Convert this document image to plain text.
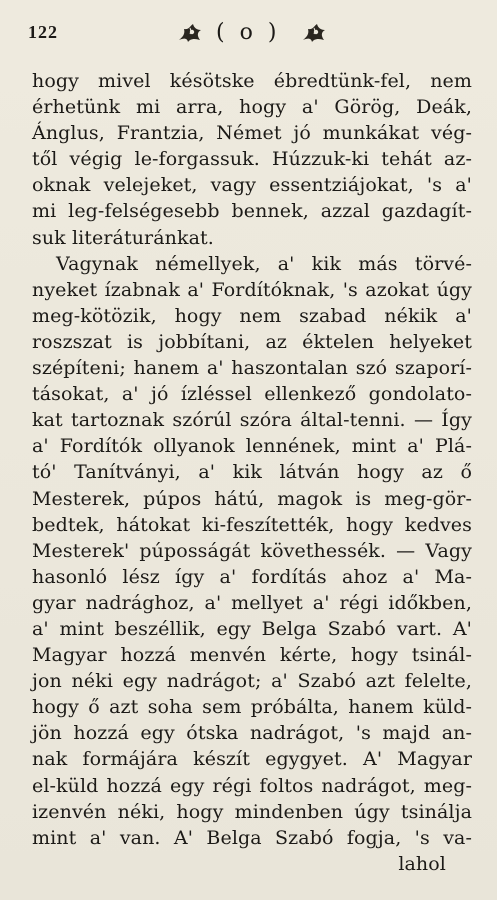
122	( o )
hogy mivel késötske ébredtünk-fel, nem
érhetünk mi arra, hogy a' Görög, Deák,
Ánglus, Frantzia, Német jó munkákat vég-
től végig le-forgassuk. Húzzuk-ki tehát az-
oknak velejeket, vagy essentziájokat, 's a'
mi leg-felségesebb bennek, azzal gazdagít-
suk literáturánkat.
Vagynak némellyek, a' kik más törvé-
nyeket ízabnak a' Fordítóknak, 's azokat úgy
meg-kötözik, hogy nem szabad nékik a'
roszszat is jobbítani, az éktelen helyeket
szépíteni; hanem a' haszontalan szó szaporí-
tásokat, a' jó ízléssel ellenkező gondolato-
kat tartoznak szórúl szóra által-tenni. — Így
a' Fordítók ollyanok lennének, mint a' Plá-
tó' Tanítványi, a' kik látván hogy az ő
Mesterek, púpos hátú, magok is meg-gör-
bedtek, hátokat ki-feszítették, hogy kedves
Mesterek' púposságát követhessék. — Vagy
hasonló lész így a' fordítás ahoz a' Ma-
gyar nadrághoz, a' mellyet a' régi időkben,
a' mint beszéllik, egy Belga Szabó vart. A'
Magyar hozzá menvén kérte, hogy tsinál-
jon néki egy nadrágot; a' Szabó azt felelte,
hogy ő azt soha sem próbálta, hanem küld-
jön hozzá egy ótska nadrágot, 's majd an-
nak formájára készít egygyet. A' Magyar
el-küld hozzá egy régi foltos nadrágot, meg-
izenvén néki, hogy mindenben úgy tsinálja
mint a' van. A' Belga Szabó fogja, 's va-
lahol
